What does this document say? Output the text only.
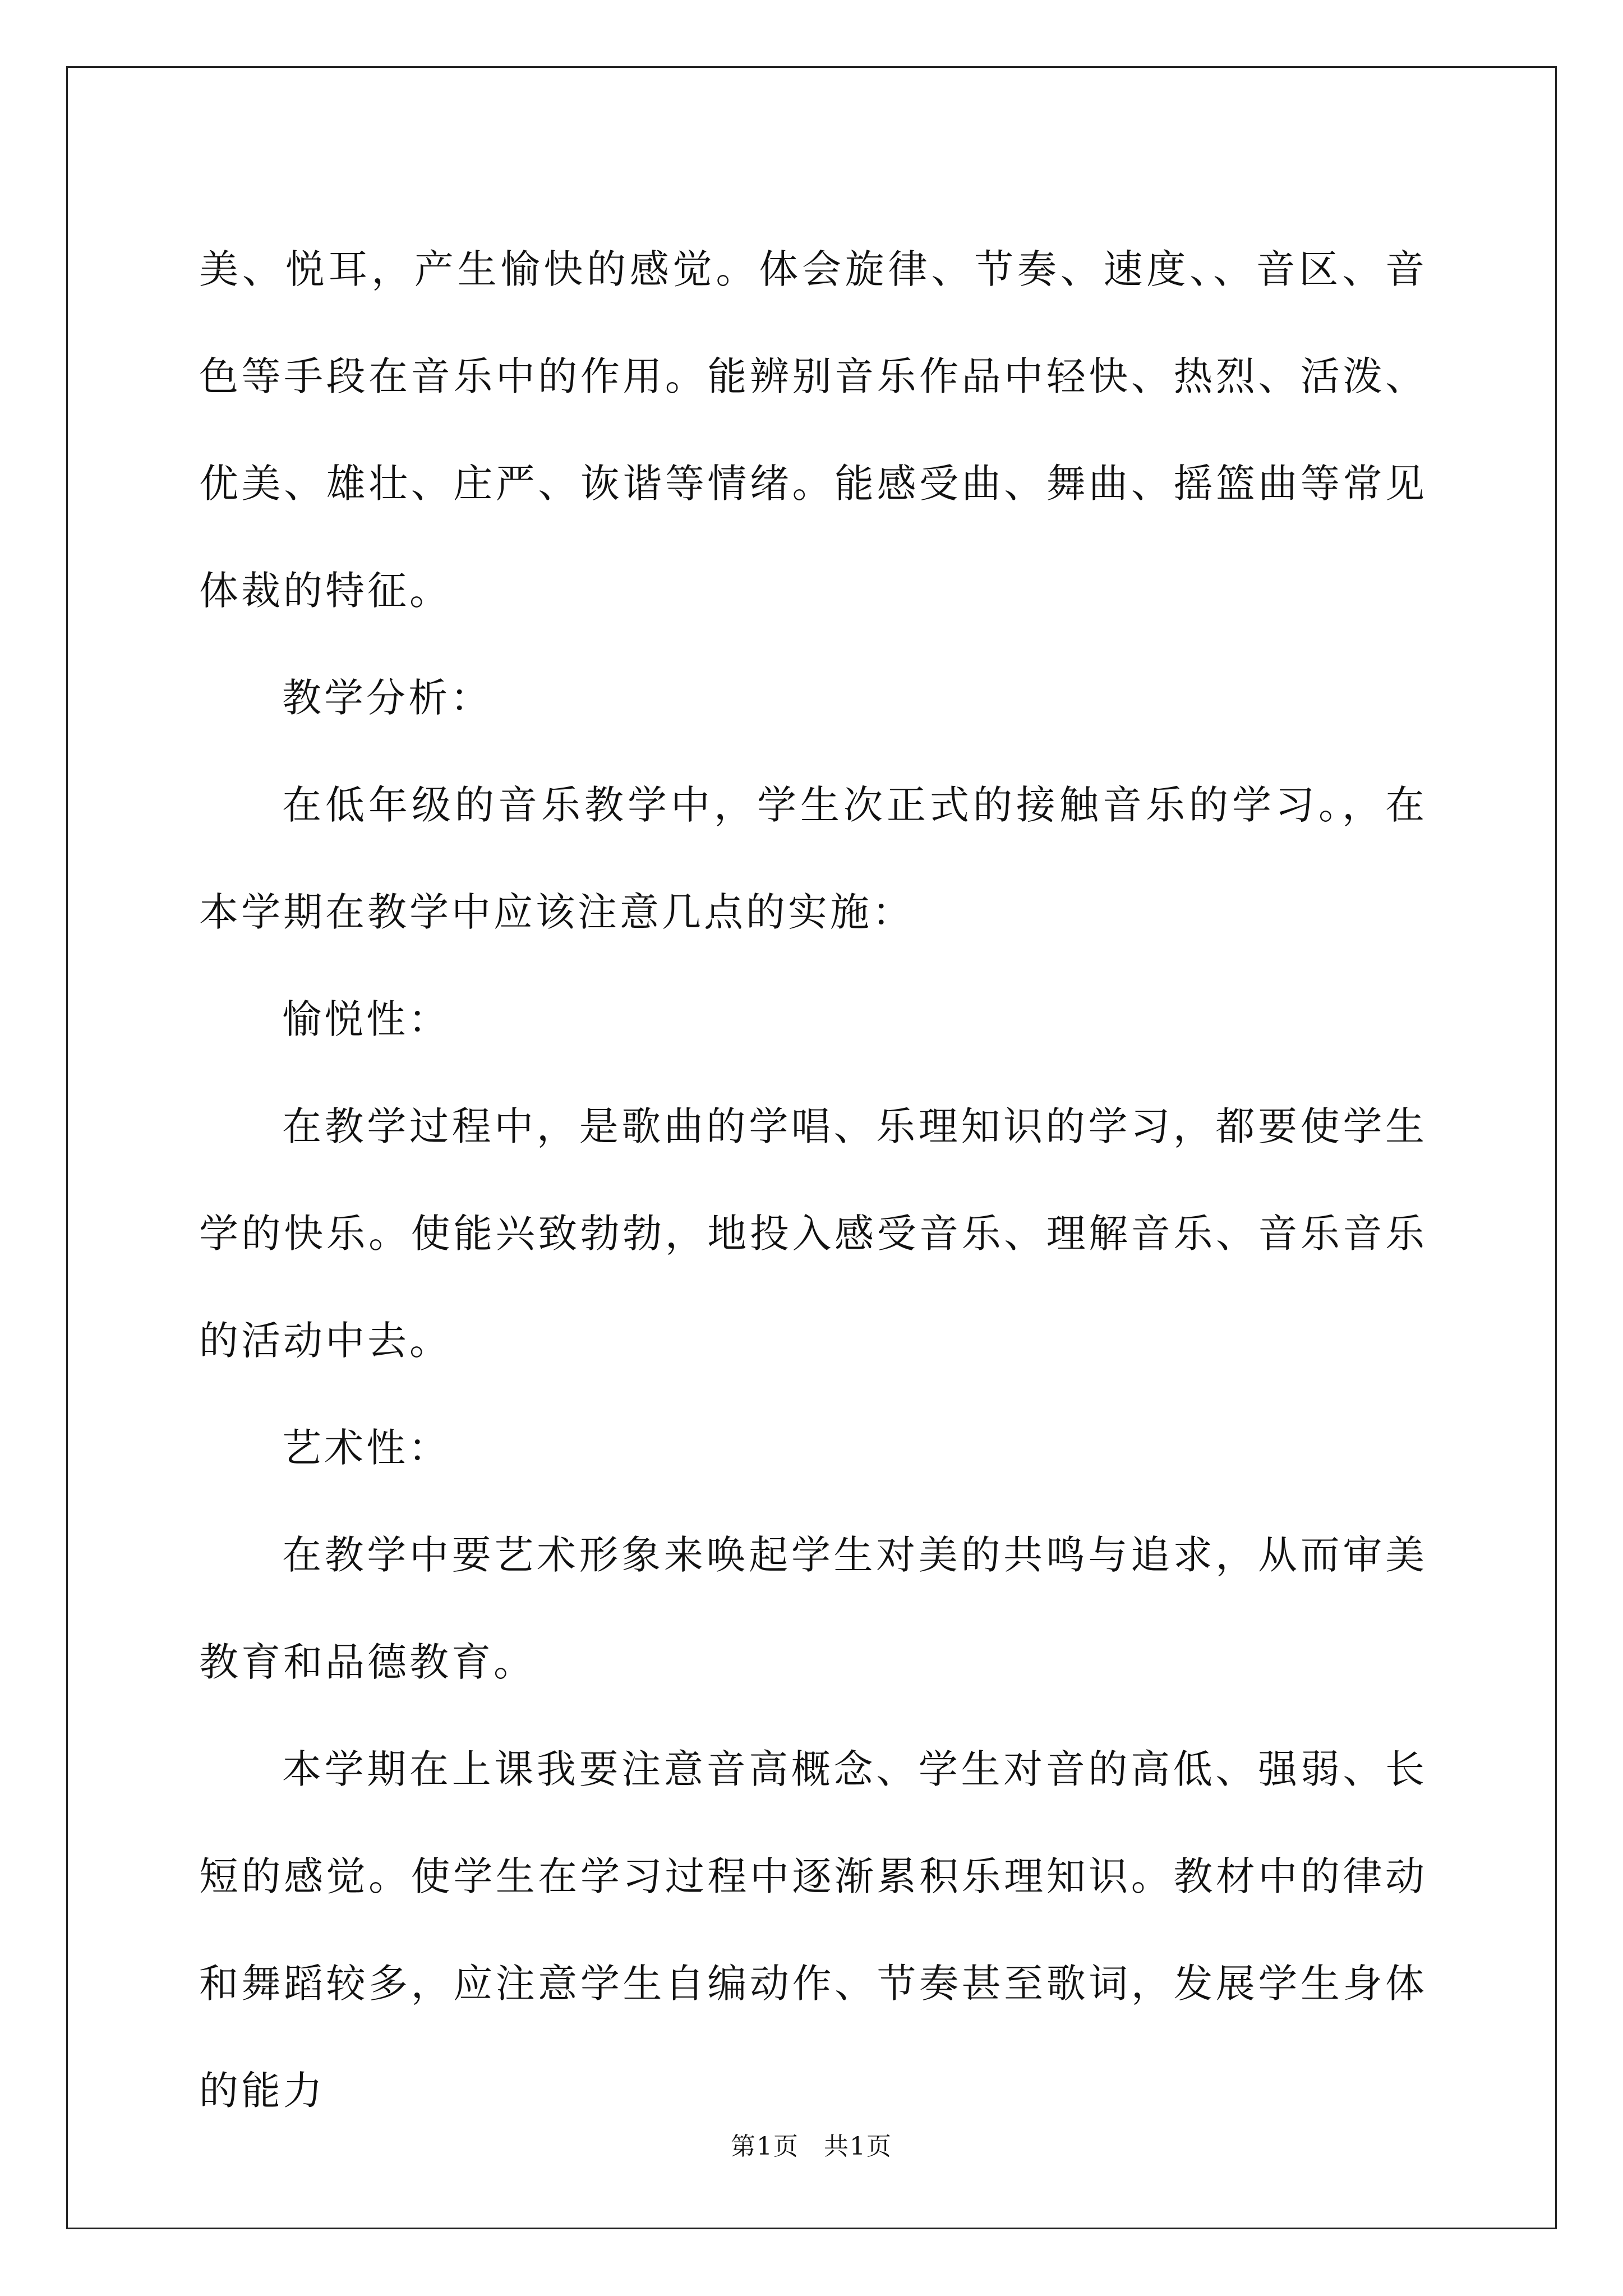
美、悦耳，产生愉快的感觉。体会旋律、节奏、速度、、音区、音色等手段在音乐中的作用。能辨别音乐作品中轻快、热烈、活泼、优美、雄壮、庄严、诙谐等情绪。能感受曲、舞曲、摇篮曲等常见体裁的特征。

教学分析：

在低年级的音乐教学中，学生次正式的接触音乐的学习。，在本学期在教学中应该注意几点的实施：

愉悦性：

在教学过程中，是歌曲的学唱、乐理知识的学习，都要使学生学的快乐。使能兴致勃勃，地投入感受音乐、理解音乐、音乐音乐的活动中去。

艺术性：

在教学中要艺术形象来唤起学生对美的共鸣与追求，从而审美教育和品德教育。

本学期在上课我要注意音高概念、学生对音的高低、强弱、长短的感觉。使学生在学习过程中逐渐累积乐理知识。教材中的律动和舞蹈较多，应注意学生自编动作、节奏甚至歌词，发展学生身体的能力

第1页 共1页
